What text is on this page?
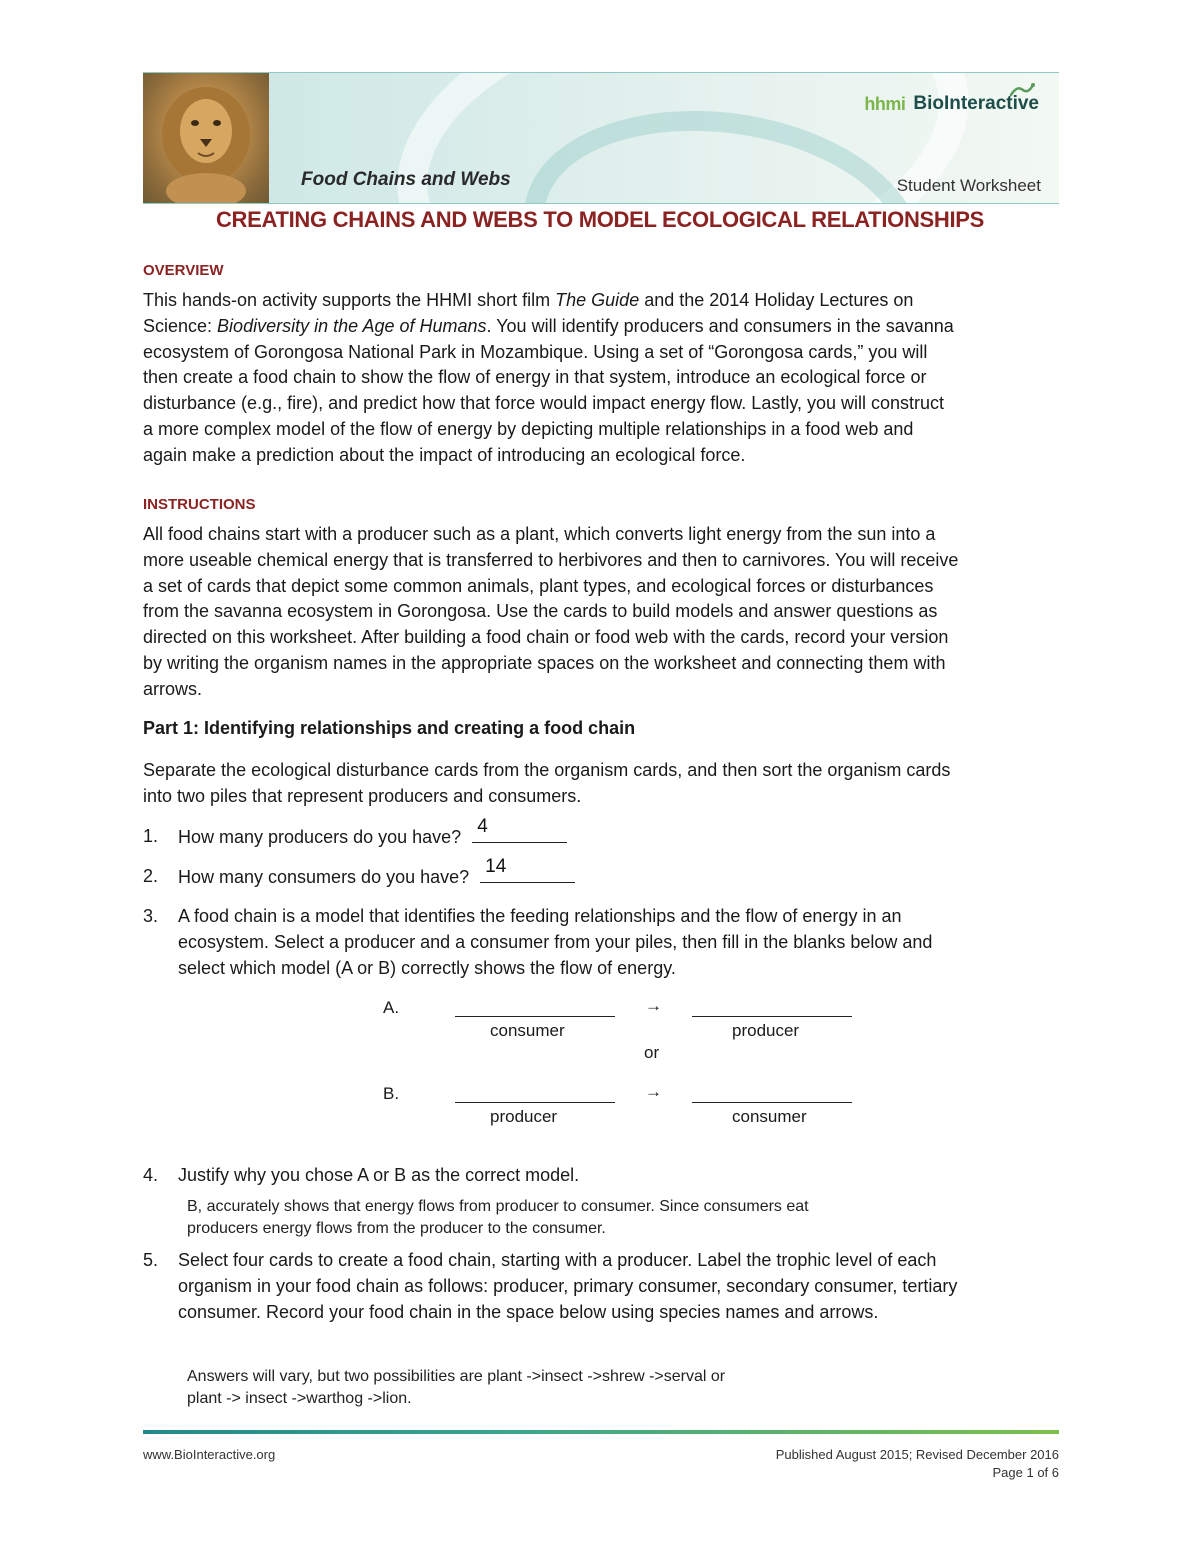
Food Chains and Webs	Student Worksheet
hhmi BioInteractive
CREATING CHAINS AND WEBS TO MODEL ECOLOGICAL RELATIONSHIPS
OVERVIEW
This hands-on activity supports the HHMI short film The Guide and the 2014 Holiday Lectures on
Science: Biodiversity in the Age of Humans. You will identify producers and consumers in the savanna
ecosystem of Gorongosa National Park in Mozambique. Using a set of “Gorongosa cards,” you will
then create a food chain to show the flow of energy in that system, introduce an ecological force or
disturbance (e.g., fire), and predict how that force would impact energy flow. Lastly, you will construct
a more complex model of the flow of energy by depicting multiple relationships in a food web and
again make a prediction about the impact of introducing an ecological force.
INSTRUCTIONS
All food chains start with a producer such as a plant, which converts light energy from the sun into a
more useable chemical energy that is transferred to herbivores and then to carnivores. You will receive
a set of cards that depict some common animals, plant types, and ecological forces or disturbances
from the savanna ecosystem in Gorongosa. Use the cards to build models and answer questions as
directed on this worksheet. After building a food chain or food web with the cards, record your version
by writing the organism names in the appropriate spaces on the worksheet and connecting them with
arrows.
Part 1: Identifying relationships and creating a food chain
Separate the ecological disturbance cards from the organism cards, and then sort the organism cards
into two piles that represent producers and consumers.
1. How many producers do you have? 4
2. How many consumers do you have? 14
3. A food chain is a model that identifies the feeding relationships and the flow of energy in an
ecosystem. Select a producer and a consumer from your piles, then fill in the blanks below and
select which model (A or B) correctly shows the flow of energy.
A.	→
consumer	producer
or
B.	→
producer	consumer
4. Justify why you chose A or B as the correct model.
B, accurately shows that energy flows from producer to consumer. Since consumers eat
producers energy flows from the producer to the consumer.
5. Select four cards to create a food chain, starting with a producer. Label the trophic level of each
organism in your food chain as follows: producer, primary consumer, secondary consumer, tertiary
consumer. Record your food chain in the space below using species names and arrows.
Answers will vary, but two possibilities are plant ->insect ->shrew ->serval or
plant -> insect ->warthog ->lion.
www.BioInteractive.org	Published August 2015; Revised December 2016
Page 1 of 6
